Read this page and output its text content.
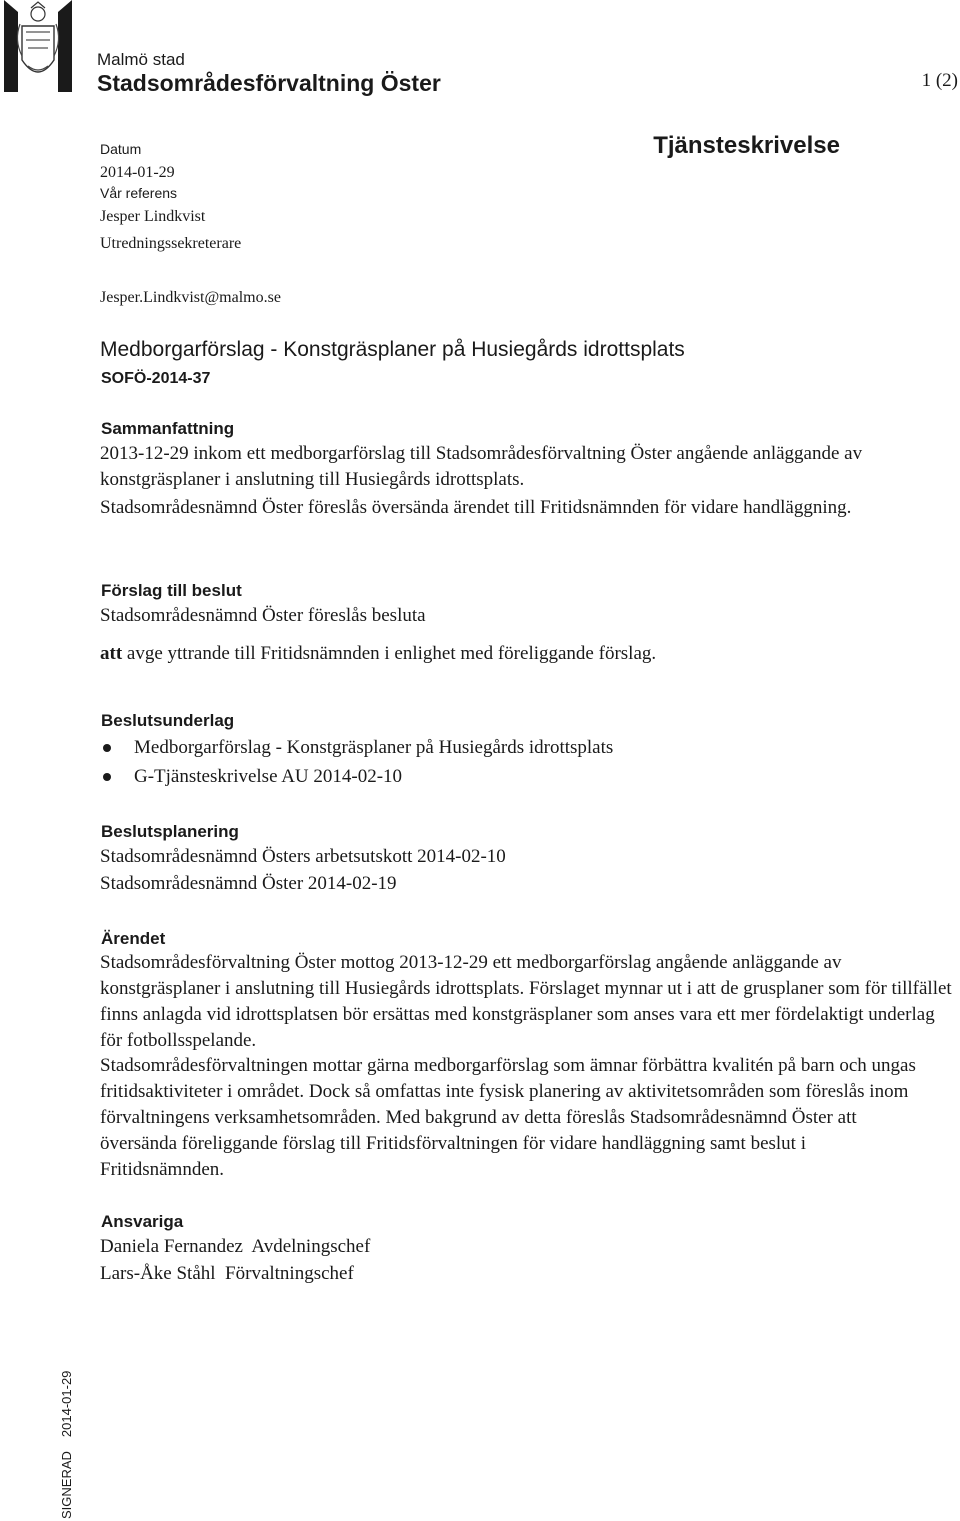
Malmö stad
Stadsområdesförvaltning Öster	1 (2)
Tjänsteskrivelse
Datum
2014-01-29
Vår referens
Jesper Lindkvist
Utredningssekreterare
Jesper.Lindkvist@malmo.se
Medborgarförslag - Konstgräsplaner på Husiegårds idrottsplats
SOFÖ-2014-37
Sammanfattning
2013-12-29 inkom ett medborgarförslag till Stadsområdesförvaltning Öster angående anläggande av konstgräsplaner i anslutning till Husiegårds idrottsplats.
Stadsområdesnämnd Öster föreslås översända ärendet till Fritidsnämnden för vidare handläggning.
Förslag till beslut
Stadsområdesnämnd Öster föreslås besluta
att avge yttrande till Fritidsnämnden i enlighet med föreliggande förslag.
Beslutsunderlag
Medborgarförslag - Konstgräsplaner på Husiegårds idrottsplats
G-Tjänsteskrivelse AU 2014-02-10
Beslutsplanering
Stadsområdesnämnd Östers arbetsutskott 2014-02-10
Stadsområdesnämnd Öster 2014-02-19
Ärendet
Stadsområdesförvaltning Öster mottog 2013-12-29 ett medborgarförslag angående anläggande av konstgräsplaner i anslutning till Husiegårds idrottsplats. Förslaget mynnar ut i att de grusplaner som för tillfället finns anlagda vid idrottsplatsen bör ersättas med konstgräsplaner som anses vara ett mer fördelaktigt underlag för fotbollsspelande.
Stadsområdesförvaltningen mottar gärna medborgarförslag som ämnar förbättra kvalitén på barn och ungas fritidsaktiviteter i området. Dock så omfattas inte fysisk planering av aktivitetsområden som föreslås inom förvaltningens verksamhetsområden. Med bakgrund av detta föreslås Stadsområdesnämnd Öster att översända föreliggande förslag till Fritidsförvaltningen för vidare handläggning samt beslut i Fritidsnämnden.
Ansvariga
Daniela Fernandez  Avdelningschef
Lars-Åke Ståhl  Förvaltningschef
SIGNERAD2014-01-29
